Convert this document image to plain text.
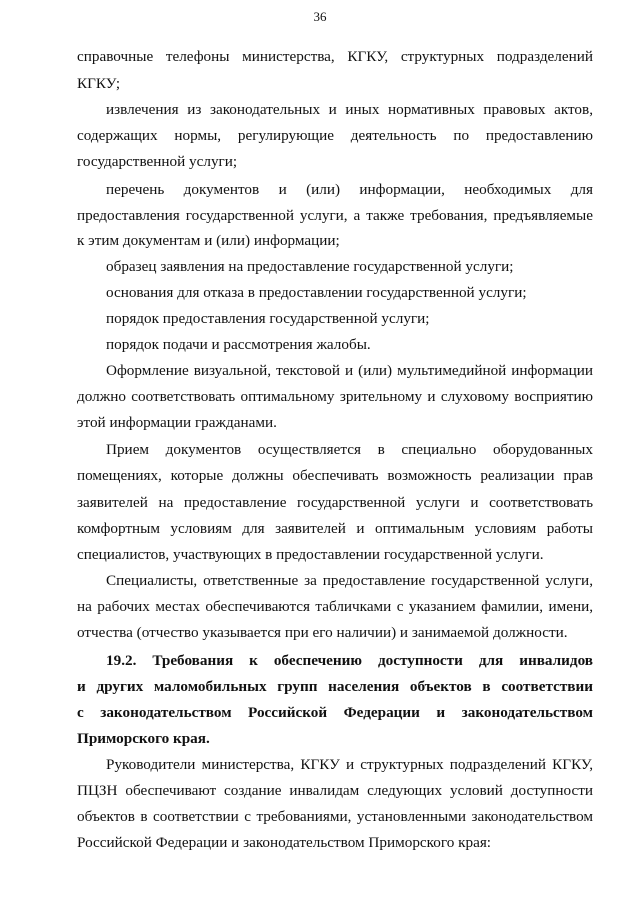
36
справочные телефоны министерства, КГКУ, структурных подразделений
КГКУ;
извлечения из законодательных и иных нормативных правовых актов,
содержащих нормы, регулирующие деятельность по предоставлению
государственной услуги;
перечень документов и (или) информации, необходимых для
предоставления государственной услуги, а также требования, предъявляемые
к этим документам и (или) информации;
образец заявления на предоставление государственной услуги;
основания для отказа в предоставлении государственной услуги;
порядок предоставления государственной услуги;
порядок подачи и рассмотрения жалобы.
Оформление визуальной, текстовой и (или) мультимедийной информации
должно соответствовать оптимальному зрительному и слуховому восприятию
этой информации гражданами.
Прием документов осуществляется в специально оборудованных
помещениях, которые должны обеспечивать возможность реализации прав
заявителей на предоставление государственной услуги и соответствовать
комфортным условиям для заявителей и оптимальным условиям работы
специалистов, участвующих в предоставлении государственной услуги.
Специалисты, ответственные за предоставление государственной услуги,
на рабочих местах обеспечиваются табличками с указанием фамилии, имени,
отчества (отчество указывается при его наличии) и занимаемой должности.
19.2. Требования к обеспечению доступности для инвалидов
и других маломобильных групп населения объектов в соответствии
с законодательством Российской Федерации и законодательством
Приморского края.
Руководители министерства, КГКУ и структурных подразделений КГКУ,
ПЦЗН обеспечивают создание инвалидам следующих условий доступности
объектов в соответствии с требованиями, установленными законодательством
Российской Федерации и законодательством Приморского края:
